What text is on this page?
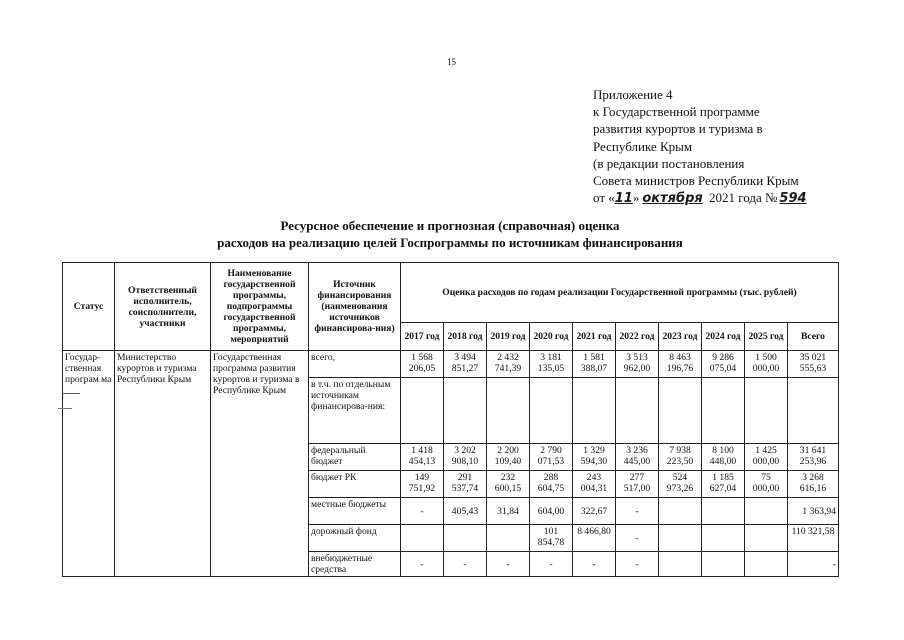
15
Приложение 4
к Государственной программе
развития курортов и туризма в
Республике Крым
(в редакции постановления
Совета министров Республики Крым
от «11» октября 2021 года № 594
Ресурсное обеспечение и прогнозная (справочная) оценка
расходов на реализацию целей Госпрограммы по источникам финансирования
Статус	Ответственный исполнитель, соисполнители, участники	Наименование государственной программы, подпрограммы государственной программы, мероприятий	Источник финансирования (наименования источников финансирова-ния)	Оценка расходов по годам реализации Государственной программы (тыс. рублей)									
				2017 год	2018 год	2019 год	2020 год	2021 год	2022 год	2023 год	2024 год	2025 год	Всего
Государ-ственная програм ма	Министерство курортов и туризма Республики Крым	Государственная программа развития курортов и туризма в Республике Крым	всего,	1 568 206,05	3 494 851,27	2 432 741,39	3 181 135,05	1 581 388,07	3 513 962,00	8 463 196,76	9 286 075,04	1 500 000,00	35 021 555,63
			в т.ч. по отдельным источникам финансирова-ния:										
			федеральный бюджет	1 418 454,13	3 202 908,10	2 200 109,40	2 790 071,53	1 329 594,30	3 236 445,00	7 938 223,50	8 100 448,00	1 425 000,00	31 641 253,96
			бюджет РК	149 751,92	291 537,74	232 600,15	288 604,75	243 004,31	277 517,00	524 973,26	1 185 627,04	75 000,00	3 268 616,16
			местные бюджеты	-	405,43	31,84	604,00	322,67	-				1 363,94
			дорожный фонд				101 854,78	8 466,80	-				110 321,58
			внебюджетные средства	-	-	-	-	-	-				-
